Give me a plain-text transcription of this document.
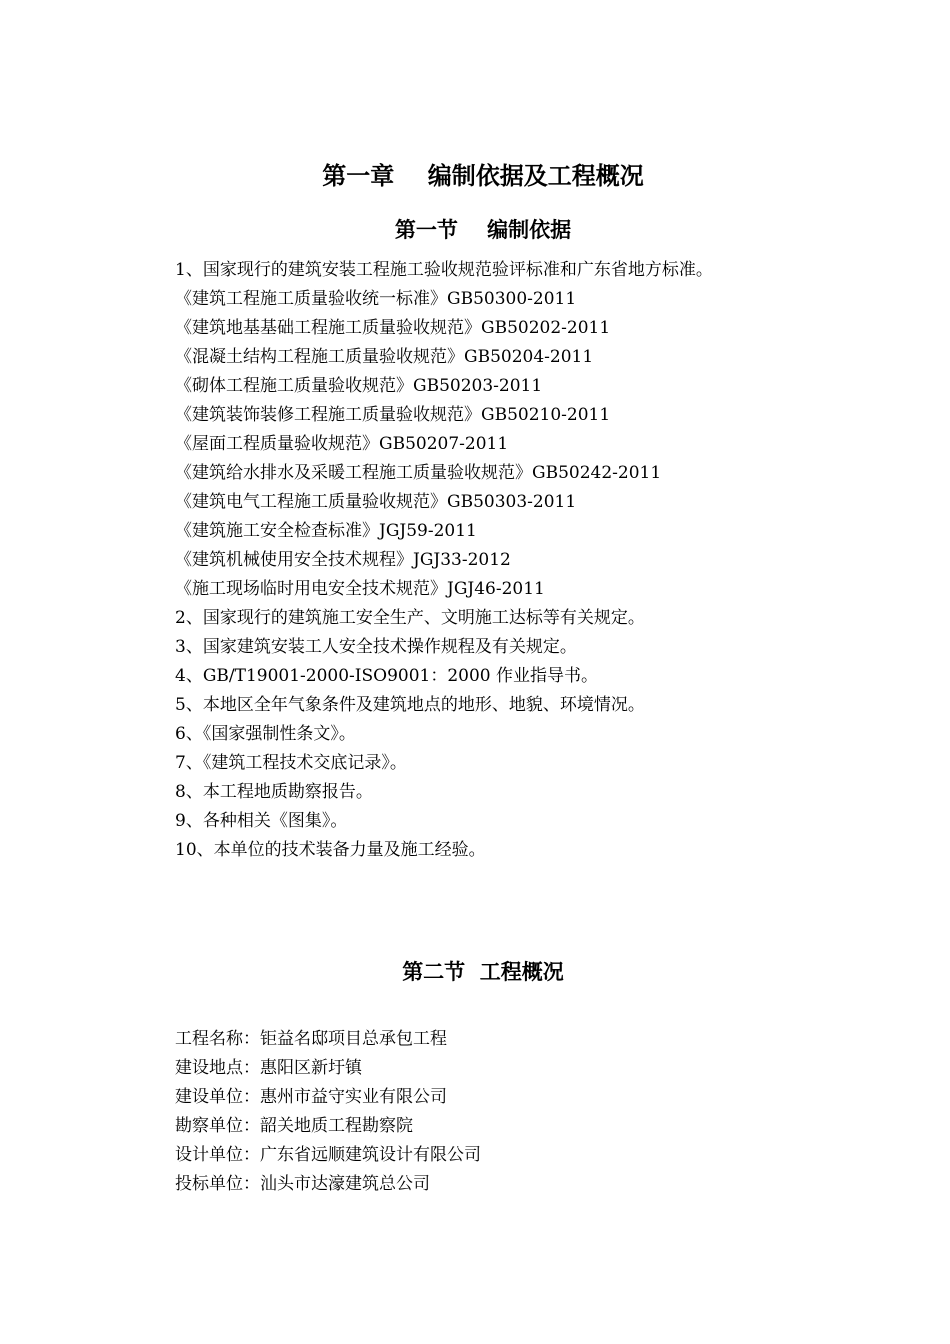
第一章    编制依据及工程概况
第一节    编制依据
1、国家现行的建筑安装工程施工验收规范验评标准和广东省地方标准。
《建筑工程施工质量验收统一标准》GB50300-2011
《建筑地基基础工程施工质量验收规范》GB50202-2011
《混凝土结构工程施工质量验收规范》GB50204-2011
《砌体工程施工质量验收规范》GB50203-2011
《建筑装饰装修工程施工质量验收规范》GB50210-2011
《屋面工程质量验收规范》GB50207-2011
《建筑给水排水及采暖工程施工质量验收规范》GB50242-2011
《建筑电气工程施工质量验收规范》GB50303-2011
《建筑施工安全检查标准》JGJ59-2011
《建筑机械使用安全技术规程》JGJ33-2012
《施工现场临时用电安全技术规范》JGJ46-2011
2、国家现行的建筑施工安全生产、文明施工达标等有关规定。
3、国家建筑安装工人安全技术操作规程及有关规定。
4、GB/T19001-2000-ISO9001：2000 作业指导书。
5、本地区全年气象条件及建筑地点的地形、地貌、环境情况。
6、《国家强制性条文》。
7、《建筑工程技术交底记录》。
8、本工程地质勘察报告。
9、各种相关《图集》。
10、本单位的技术装备力量及施工经验。
第二节  工程概况
工程名称：钜益名邸项目总承包工程
建设地点：惠阳区新圩镇
建设单位：惠州市益守实业有限公司
勘察单位：韶关地质工程勘察院
设计单位：广东省远顺建筑设计有限公司
投标单位：汕头市达濠建筑总公司
